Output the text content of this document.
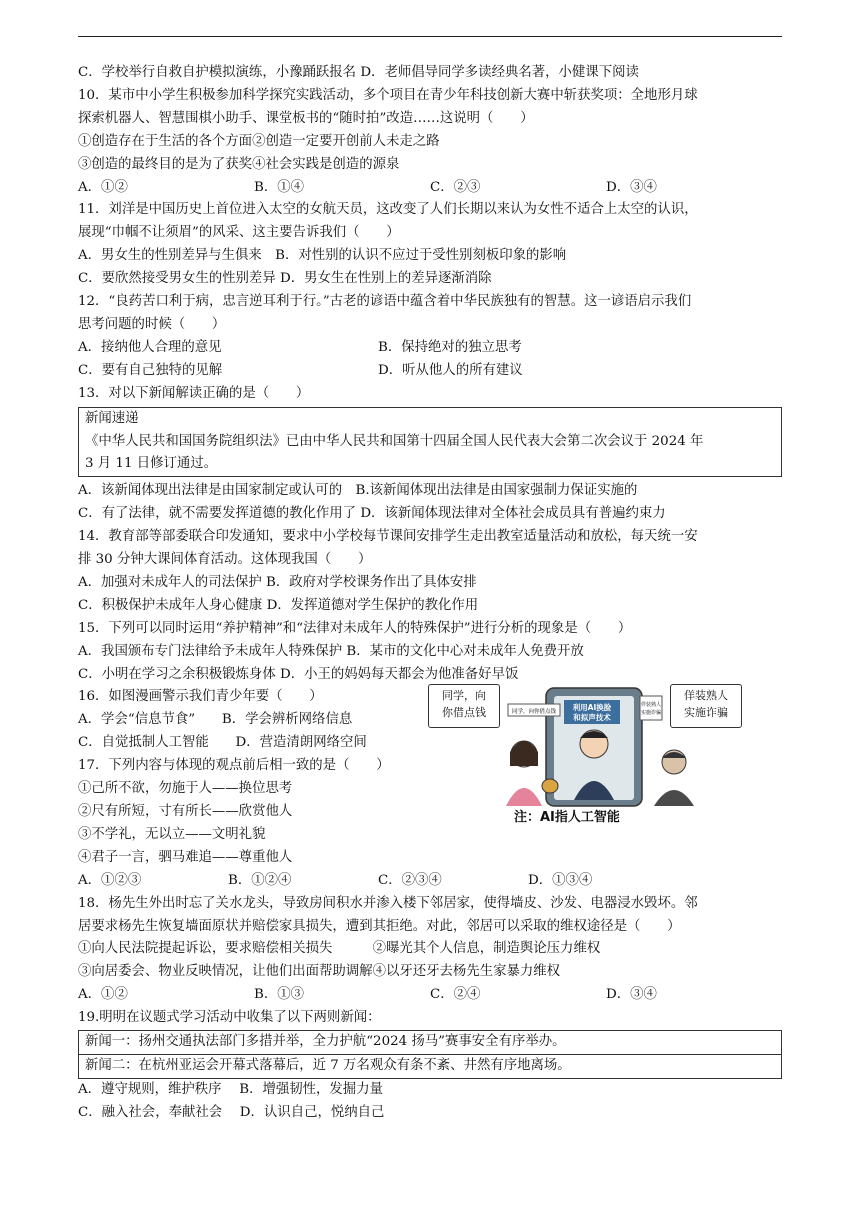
C．学校举行自救自护模拟演练，小豫踊跃报名 D．老师倡导同学多读经典名著，小健课下阅读
10．某市中小学生积极参加科学探究实践活动，多个项目在青少年科技创新大赛中斩获奖项：全地形月球
探索机器人、智慧围棋小助手、课堂板书的“随时拍”改造……这说明（　　）
①创造存在于生活的各个方面②创造一定要开创前人未走之路
③创造的最终目的是为了获奖④社会实践是创造的源泉
A．①②	B．①④	C．②③	D．③④
11．刘洋是中国历史上首位进入太空的女航天员，这改变了人们长期以来认为女性不适合上太空的认识，
展现“巾帼不让须眉”的风采、这主要告诉我们（　　）
A．男女生的性别差异与生俱来　B．对性别的认识不应过于受性别刻板印象的影响
C．要欣然接受男女生的性别差异 D．男女生在性别上的差异逐渐消除
12．“良药苦口利于病，忠言逆耳利于行。”古老的谚语中蕴含着中华民族独有的智慧。这一谚语启示我们
思考问题的时候（　　）
A．接纳他人合理的意见	B．保持绝对的独立思考
C．要有自己独特的见解	D．听从他人的所有建议
13．对以下新闻解读正确的是（　　）
新闻速递
《中华人民共和国国务院组织法》已由中华人民共和国第十四届全国人民代表大会第二次会议于 2024 年
3 月 11 日修订通过。
A．该新闻体现出法律是由国家制定或认可的　B.该新闻体现出法律是由国家强制力保证实施的
C．有了法律，就不需要发挥道德的教化作用了 D．该新闻体现法律对全体社会成员具有普遍约束力
14．教育部等部委联合印发通知，要求中小学校每节课间安排学生走出教室适量活动和放松，每天统一安
排 30 分钟大课间体育活动。这体现我国（　　）
A．加强对未成年人的司法保护 B．政府对学校课务作出了具体安排
C．积极保护未成年人身心健康 D．发挥道德对学生保护的教化作用
15．下列可以同时运用“养护精神”和“法律对未成年人的特殊保护”进行分析的现象是（　　）
A．我国颁布专门法律给予未成年人特殊保护 B．某市的文化中心对未成年人免费开放
C．小明在学习之余积极锻炼身体 D．小王的妈妈每天都会为他准备好早饭
16．如图漫画警示我们青少年要（　　）
A．学会“信息节食”　　B．学会辨析网络信息
C．自觉抵制人工智能　　D．营造清朗网络空间
17．下列内容与体现的观点前后相一致的是（　　）
①己所不欲，勿施于人——换位思考
②尺有所短，寸有所长——欣赏他人
③不学礼，无以立——文明礼貌
④君子一言，驷马难追——尊重他人
A．①②③	B．①②④	C．②③④	D．①③④
18．杨先生外出时忘了关水龙头，导致房间积水并渗入楼下邻居家，使得墙皮、沙发、电器浸水毁坏。邻
居要求杨先生恢复墙面原状并赔偿家具损失，遭到其拒绝。对此，邻居可以采取的维权途径是（　　）
①向人民法院提起诉讼，要求赔偿相关损失　　　②曝光其个人信息，制造舆论压力维权
③向居委会、物业反映情况，让他们出面帮助调解④以牙还牙去杨先生家暴力维权
A．①②	B．①③	C．②④	D．③④
19.明明在议题式学习活动中收集了以下两则新闻：
新闻一：扬州交通执法部门多措并举，全力护航“2024 扬马”赛事安全有序举办。
新闻二：在杭州亚运会开幕式落幕后，近 7 万名观众有条不紊、井然有序地离场。
A．遵守规则，维护秩序　 B．增强韧性，发掘力量
C．融入社会，奉献社会　 D．认识自己，悦纳自己
同学，向
你借点钱
佯装熟人
实施诈骗
利用AI换脸
和拟声技术
同学，向你借点钱
佯装熟人
实施诈骗
注：AI指人工智能
